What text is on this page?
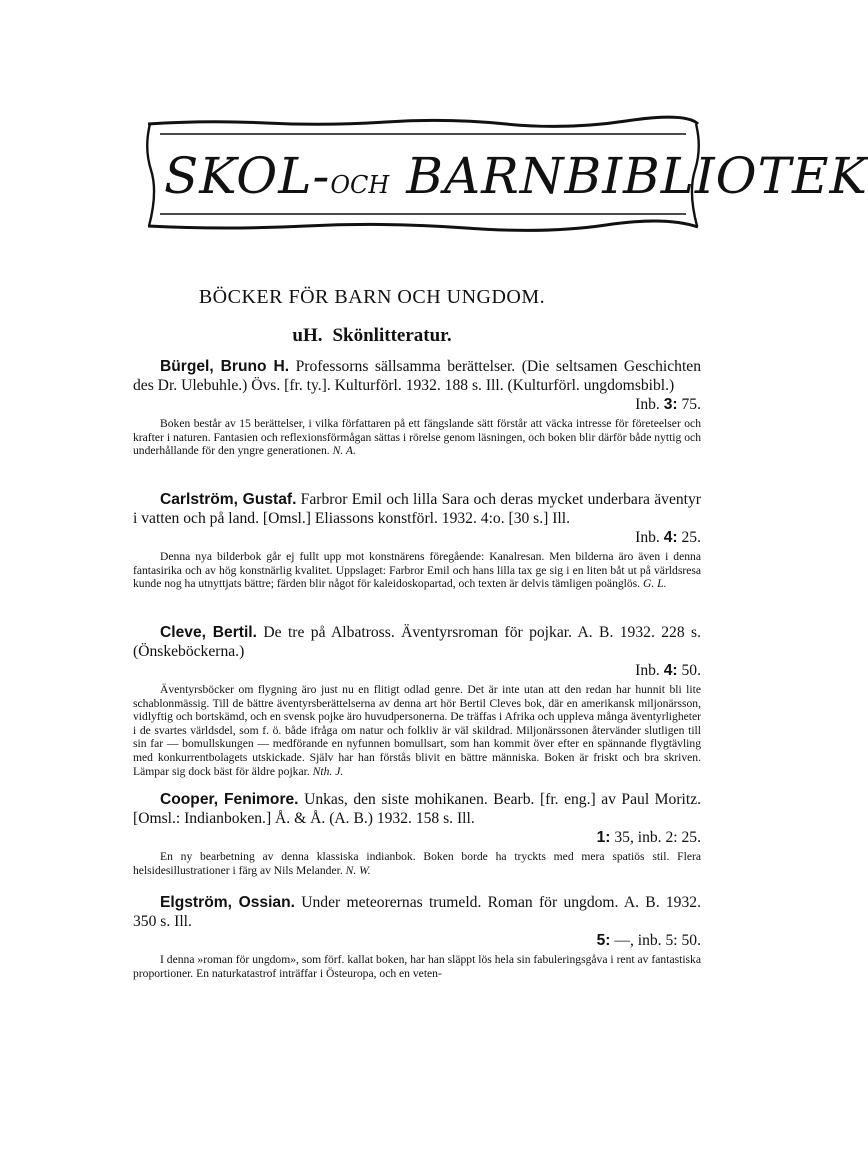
SKOL-OCH BARNBIBLIOTEK
BÖCKER FÖR BARN OCH UNGDOM.
uH. Skönlitteratur.
Bürgel, Bruno H. Professorns sällsamma berättelser. (Die seltsamen Geschichten des Dr. Ulebuhle.) Övs. [fr. ty.]. Kulturförl. 1932. 188 s. Ill. (Kulturförl. ungdomsbibl.)
Inb. 3: 75.
Boken består av 15 berättelser, i vilka författaren på ett fängslande sätt förstår att väcka intresse för företeelser och krafter i naturen. Fantasien och reflexionsförmågan sättas i rörelse genom läsningen, och boken blir därför både nyttig och underhållande för den yngre generationen. N. A.
Carlström, Gustaf. Farbror Emil och lilla Sara och deras mycket underbara äventyr i vatten och på land. [Omsl.] Eliassons konstförl. 1932. 4:o. [30 s.] Ill.
Inb. 4: 25.
Denna nya bilderbok går ej fullt upp mot konstnärens föregående: Kanalresan. Men bilderna äro även i denna fantasirika och av hög konstnärlig kvalitet. Uppslaget: Farbror Emil och hans lilla tax ge sig i en liten båt ut på världsresa kunde nog ha utnyttjats bättre; färden blir något för kaleidoskopartad, och texten är delvis tämligen poänglös. G. L.
Cleve, Bertil. De tre på Albatross. Äventyrsroman för pojkar. A. B. 1932. 228 s. (Önskeböckerna.)
Inb. 4: 50.
Äventyrsböcker om flygning äro just nu en flitigt odlad genre. Det är inte utan att den redan har hunnit bli lite schablonmässig. Till de bättre äventyrsberättelserna av denna art hör Bertil Cleves bok, där en amerikansk miljonärsson, vidlyftig och bortskämd, och en svensk pojke äro huvudpersonerna. De träffas i Afrika och uppleva många äventyrligheter i de svartes världsdel, som f. ö. både ifråga om natur och folkliv är väl skildrad. Miljonärssonen återvänder slutligen till sin far — bomullskungen — medförande en nyfunnen bomullsart, som han kommit över efter en spännande flygtävling med konkurrentbolagets utskickade. Själv har han förstås blivit en bättre människa. Boken är friskt och bra skriven. Lämpar sig dock bäst för äldre pojkar. Nth. J.
Cooper, Fenimore. Unkas, den siste mohikanen. Bearb. [fr. eng.] av Paul Moritz. [Omsl.: Indianboken.] Å. & Å. (A. B.) 1932. 158 s. Ill.
1: 35, inb. 2: 25.
En ny bearbetning av denna klassiska indianbok. Boken borde ha tryckts med mera spatiös stil. Flera helsidesillustrationer i färg av Nils Melander. N. W.
Elgström, Ossian. Under meteorernas trumeld. Roman för ungdom. A. B. 1932. 350 s. Ill.
5: —, inb. 5: 50.
I denna »roman för ungdom», som förf. kallat boken, har han släppt lös hela sin fabuleringsgåva i rent av fantastiska proportioner. En naturkatastrof inträffar i Östeuropa, och en veten-
